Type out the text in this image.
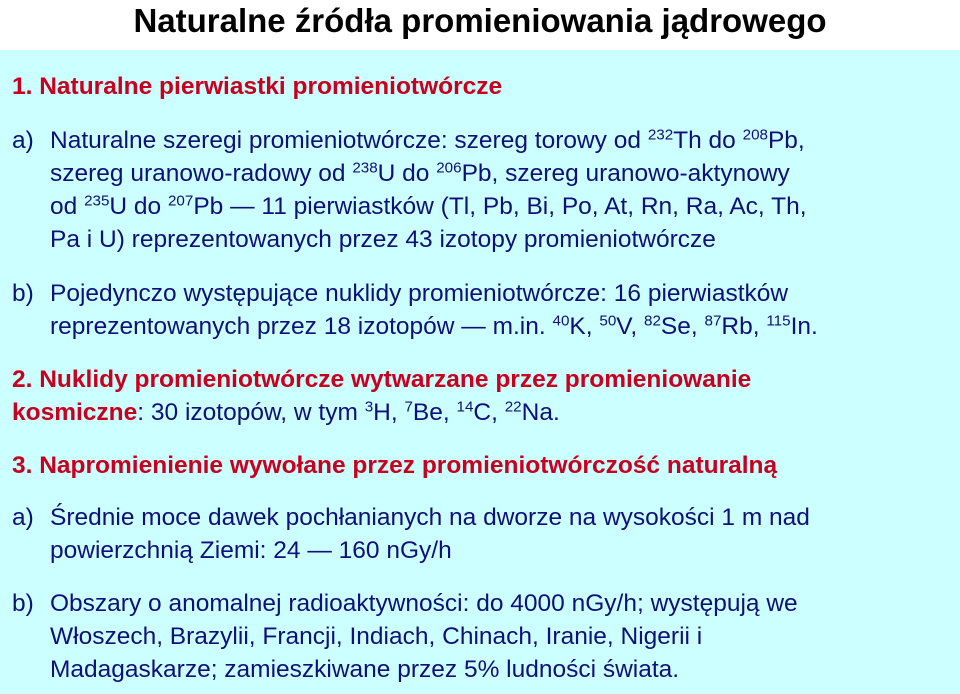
Naturalne źródła promieniowania jądrowego
1. Naturalne pierwiastki promieniotwórcze
a) Naturalne szeregi promieniotwórcze: szereg torowy od $^{232}$Th do $^{208}$Pb,
szereg uranowo-radowy od $^{238}$U do $^{206}$Pb, szereg uranowo-aktynowy
od $^{235}$U do $^{207}$Pb — 11 pierwiastków (Tl, Pb, Bi, Po, At, Rn, Ra, Ac, Th,
Pa i U) reprezentowanych przez 43 izotopy promieniotwórcze
b) Pojedynczo występujące nuklidy promieniotwórcze: 16 pierwiastków
reprezentowanych przez 18 izotopów — m.in. $^{40}$K, $^{50}$V, $^{82}$Se, $^{87}$Rb, $^{115}$In.
2. Nuklidy promieniotwórcze wytwarzane przez promieniowanie
kosmiczne: 30 izotopów, w tym $^3$H, $^7$Be, $^{14}$C, $^{22}$Na.
3. Napromienienie wywołane przez promieniotwórczość naturalną
a) Średnie moce dawek pochłanianych na dworze na wysokości 1 m nad
powierzchnią Ziemi: 24 — 160 nGy/h
b) Obszary o anomalnej radioaktywności: do 4000 nGy/h; występują we
Włoszech, Brazylii, Francji, Indiach, Chinach, Iranie, Nigerii i
Madagaskarze; zamieszkiwane przez 5% ludności świata.
